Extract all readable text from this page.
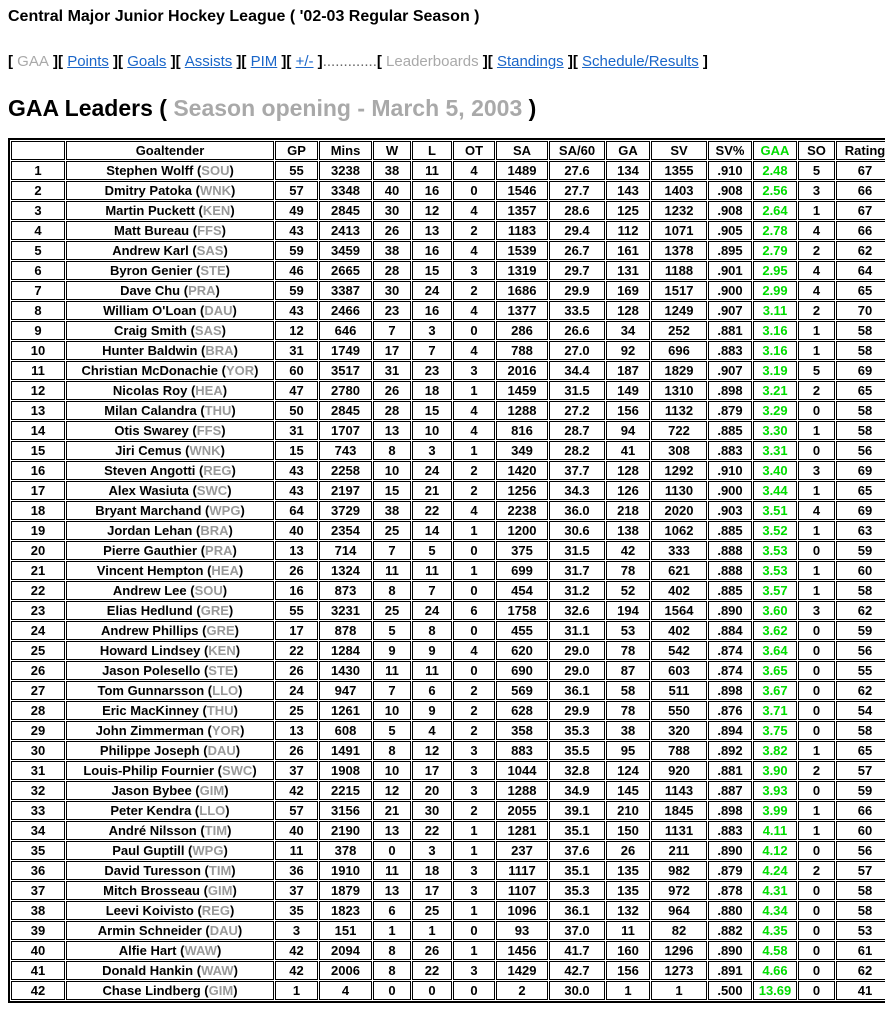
Central Major Junior Hockey League ( '02-03 Regular Season )
[ GAA ][ Points ][ Goals ][ Assists ][ PIM ][ +/- ].............[ Leaderboards ][ Standings ][ Schedule/Results ]
GAA Leaders ( Season opening - March 5, 2003 )
	Goaltender	GP	Mins	W	L	OT	SA	SA/60	GA	SV	SV%	GAA	SO	Rating
1	Stephen Wolff (SOU)	55	3238	38	11	4	1489	27.6	134	1355	.910	2.48	5	67
2	Dmitry Patoka (WNK)	57	3348	40	16	0	1546	27.7	143	1403	.908	2.56	3	66
3	Martin Puckett (KEN)	49	2845	30	12	4	1357	28.6	125	1232	.908	2.64	1	67
4	Matt Bureau (FFS)	43	2413	26	13	2	1183	29.4	112	1071	.905	2.78	4	66
5	Andrew Karl (SAS)	59	3459	38	16	4	1539	26.7	161	1378	.895	2.79	2	62
6	Byron Genier (STE)	46	2665	28	15	3	1319	29.7	131	1188	.901	2.95	4	64
7	Dave Chu (PRA)	59	3387	30	24	2	1686	29.9	169	1517	.900	2.99	4	65
8	William O'Loan (DAU)	43	2466	23	16	4	1377	33.5	128	1249	.907	3.11	2	70
9	Craig Smith (SAS)	12	646	7	3	0	286	26.6	34	252	.881	3.16	1	58
10	Hunter Baldwin (BRA)	31	1749	17	7	4	788	27.0	92	696	.883	3.16	1	58
11	Christian McDonachie (YOR)	60	3517	31	23	3	2016	34.4	187	1829	.907	3.19	5	69
12	Nicolas Roy (HEA)	47	2780	26	18	1	1459	31.5	149	1310	.898	3.21	2	65
13	Milan Calandra (THU)	50	2845	28	15	4	1288	27.2	156	1132	.879	3.29	0	58
14	Otis Swarey (FFS)	31	1707	13	10	4	816	28.7	94	722	.885	3.30	1	58
15	Jiri Cemus (WNK)	15	743	8	3	1	349	28.2	41	308	.883	3.31	0	56
16	Steven Angotti (REG)	43	2258	10	24	2	1420	37.7	128	1292	.910	3.40	3	69
17	Alex Wasiuta (SWC)	43	2197	15	21	2	1256	34.3	126	1130	.900	3.44	1	65
18	Bryant Marchand (WPG)	64	3729	38	22	4	2238	36.0	218	2020	.903	3.51	4	69
19	Jordan Lehan (BRA)	40	2354	25	14	1	1200	30.6	138	1062	.885	3.52	1	63
20	Pierre Gauthier (PRA)	13	714	7	5	0	375	31.5	42	333	.888	3.53	0	59
21	Vincent Hempton (HEA)	26	1324	11	11	1	699	31.7	78	621	.888	3.53	1	60
22	Andrew Lee (SOU)	16	873	8	7	0	454	31.2	52	402	.885	3.57	1	58
23	Elias Hedlund (GRE)	55	3231	25	24	6	1758	32.6	194	1564	.890	3.60	3	62
24	Andrew Phillips (GRE)	17	878	5	8	0	455	31.1	53	402	.884	3.62	0	59
25	Howard Lindsey (KEN)	22	1284	9	9	4	620	29.0	78	542	.874	3.64	0	56
26	Jason Polesello (STE)	26	1430	11	11	0	690	29.0	87	603	.874	3.65	0	55
27	Tom Gunnarsson (LLO)	24	947	7	6	2	569	36.1	58	511	.898	3.67	0	62
28	Eric MacKinney (THU)	25	1261	10	9	2	628	29.9	78	550	.876	3.71	0	54
29	John Zimmerman (YOR)	13	608	5	4	2	358	35.3	38	320	.894	3.75	0	58
30	Philippe Joseph (DAU)	26	1491	8	12	3	883	35.5	95	788	.892	3.82	1	65
31	Louis-Philip Fournier (SWC)	37	1908	10	17	3	1044	32.8	124	920	.881	3.90	2	57
32	Jason Bybee (GIM)	42	2215	12	20	3	1288	34.9	145	1143	.887	3.93	0	59
33	Peter Kendra (LLO)	57	3156	21	30	2	2055	39.1	210	1845	.898	3.99	1	66
34	André Nilsson (TIM)	40	2190	13	22	1	1281	35.1	150	1131	.883	4.11	1	60
35	Paul Guptill (WPG)	11	378	0	3	1	237	37.6	26	211	.890	4.12	0	56
36	David Turesson (TIM)	36	1910	11	18	3	1117	35.1	135	982	.879	4.24	2	57
37	Mitch Brosseau (GIM)	37	1879	13	17	3	1107	35.3	135	972	.878	4.31	0	58
38	Leevi Koivisto (REG)	35	1823	6	25	1	1096	36.1	132	964	.880	4.34	0	58
39	Armin Schneider (DAU)	3	151	1	1	0	93	37.0	11	82	.882	4.35	0	53
40	Alfie Hart (WAW)	42	2094	8	26	1	1456	41.7	160	1296	.890	4.58	0	61
41	Donald Hankin (WAW)	42	2006	8	22	3	1429	42.7	156	1273	.891	4.66	0	62
42	Chase Lindberg (GIM)	1	4	0	0	0	2	30.0	1	1	.500	13.69	0	41
